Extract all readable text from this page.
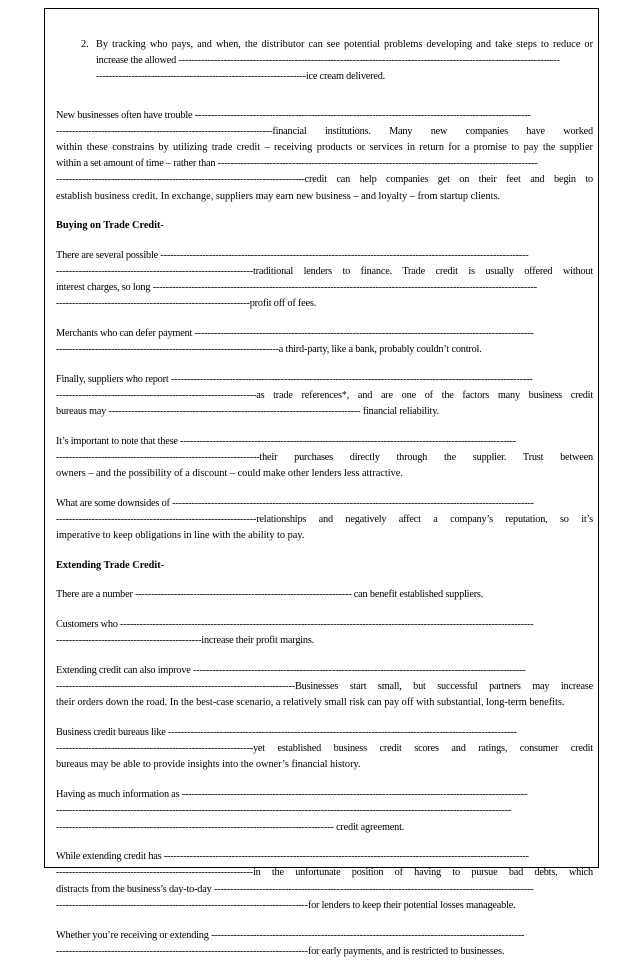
2. By tracking who pays, and when, the distributor can see potential problems developing and take steps to reduce or
increase the allowed ----------------------------------------------------------------------------------------------------------------------
-----------------------------------------------------------------ice cream delivered.
New businesses often have trouble --------------------------------------------------------------------------------------------------------
-------------------------------------------------------------------financial institutions. Many new companies have worked
within these constrains by utilizing trade credit – receiving products or services in return for a promise to pay the supplier
within a set amount of time – rather than ---------------------------------------------------------------------------------------------------
-----------------------------------------------------------------------------credit can help companies get on their feet and begin to
establish business credit. In exchange, suppliers may earn new business – and loyalty – from startup clients.
Buying on Trade Credit-
There are several possible ------------------------------------------------------------------------------------------------------------------
-------------------------------------------------------------traditional lenders to finance. Trade credit is usually offered without
interest charges, so long -----------------------------------------------------------------------------------------------------------------------
------------------------------------------------------------profit off of fees.
Merchants who can defer payment ---------------------------------------------------------------------------------------------------------
---------------------------------------------------------------------a third-party, like a bank, probably couldn’t control.
Finally, suppliers who report ----------------------------------------------------------------------------------------------------------------
--------------------------------------------------------------as trade references*, and are one of the factors many business credit
bureaus may ------------------------------------------------------------------------------ financial reliability.
It’s important to note that these --------------------------------------------------------------------------------------------------------
---------------------------------------------------------------their purchases directly through the supplier. Trust between
owners – and the possibility of a discount – could make other lenders less attractive.
What are some downsides of ----------------------------------------------------------------------------------------------------------------
--------------------------------------------------------------relationships and negatively affect a company’s reputation, so it’s
imperative to keep obligations in line with the ability to pay.
Extending Trade Credit-
There are a number ------------------------------------------------------------------- can benefit established suppliers.
Customers who --------------------------------------------------------------------------------------------------------------------------------
---------------------------------------------increase their profit margins.
Extending credit can also improve -------------------------------------------------------------------------------------------------------
--------------------------------------------------------------------------Businesses start small, but successful partners may increase
their orders down the road. In the best-case scenario, a relatively small risk can pay off with substantial, long-term benefits.
Business credit bureaus like ------------------------------------------------------------------------------------------------------------
-------------------------------------------------------------yet established business credit scores and ratings, consumer credit
bureaus may be able to provide insights into the owner’s financial history.
Having as much information as -----------------------------------------------------------------------------------------------------------
---------------------------------------------------------------------------------------------------------------------------------------------
-------------------------------------------------------------------------------------- credit agreement.
While extending credit has -----------------------------------------------------------------------------------------------------------------
-------------------------------------------------------------in the unfortunate position of having to pursue bad debts, which
distracts from the business’s day-to-day ---------------------------------------------------------------------------------------------------
------------------------------------------------------------------------------for lenders to keep their potential losses manageable.
Whether you’re receiving or extending -------------------------------------------------------------------------------------------------
------------------------------------------------------------------------------for early payments, and is restricted to businesses.
